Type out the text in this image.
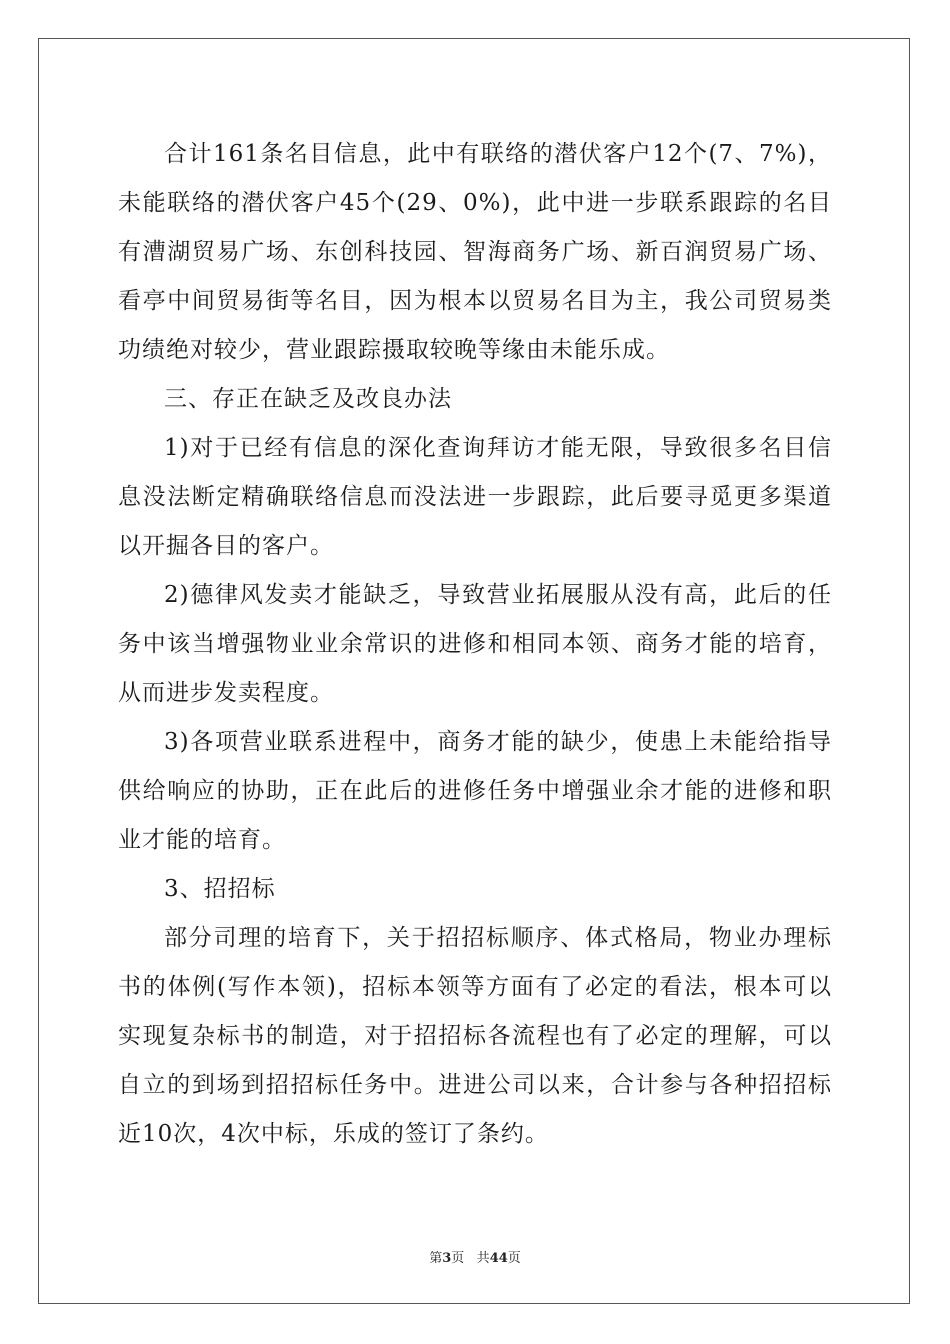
合计161条名目信息，此中有联络的潜伏客户12个(7、7%)，未能联络的潜伏客户45个(29、0%)，此中进一步联系跟踪的名目有漕湖贸易广场、东创科技园、智海商务广场、新百润贸易广场、看亭中间贸易街等名目，因为根本以贸易名目为主，我公司贸易类功绩绝对较少，营业跟踪摄取较晚等缘由未能乐成。

三、存正在缺乏及改良办法

1)对于已经有信息的深化查询拜访才能无限，导致很多名目信息没法断定精确联络信息而没法进一步跟踪，此后要寻觅更多渠道以开掘各目的客户。

2)德律风发卖才能缺乏，导致营业拓展服从没有高，此后的任务中该当增强物业业余常识的进修和相同本领、商务才能的培育，从而进步发卖程度。

3)各项营业联系进程中，商务才能的缺少，使患上未能给指导供给响应的协助，正在此后的进修任务中增强业余才能的进修和职业才能的培育。

3、招招标

部分司理的培育下，关于招招标顺序、体式格局，物业办理标书的体例(写作本领)，招标本领等方面有了必定的看法，根本可以实现复杂标书的制造，对于招招标各流程也有了必定的理解，可以自立的到场到招招标任务中。进进公司以来，合计参与各种招招标近10次，4次中标，乐成的签订了条约。

第3页 共44页
